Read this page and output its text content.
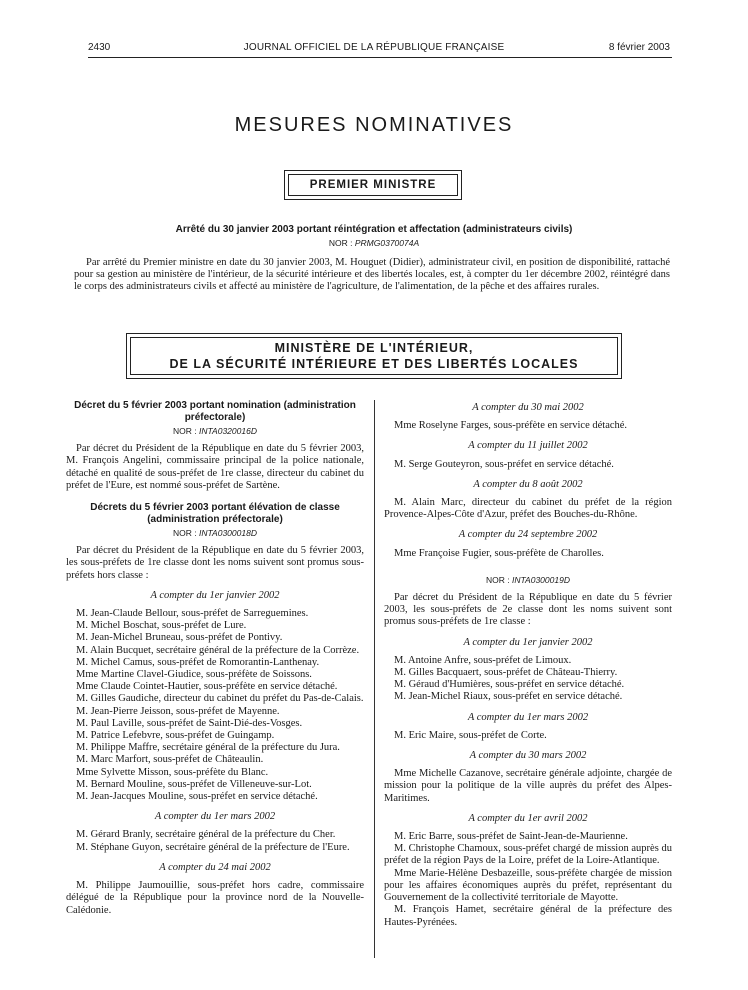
2430	JOURNAL OFFICIEL DE LA RÉPUBLIQUE FRANÇAISE	8 février 2003
MESURES NOMINATIVES
PREMIER MINISTRE
Arrêté du 30 janvier 2003 portant réintégration et affectation (administrateurs civils)
NOR : PRMG0370074A

Par arrêté du Premier ministre en date du 30 janvier 2003, M. Houguet (Didier), administrateur civil, en position de disponibilité, rattaché pour sa gestion au ministère de l'intérieur, de la sécurité intérieure et des libertés locales, est, à compter du 1er décembre 2002, réintégré dans le corps des administrateurs civils et affecté au ministère de l'agriculture, de l'alimentation, de la pêche et des affaires rurales.

MINISTÈRE DE L'INTÉRIEUR,
DE LA SÉCURITÉ INTÉRIEURE ET DES LIBERTÉS LOCALES

Décret du 5 février 2003 portant nomination (administration préfectorale)

NOR : INTA0320016D

Par décret du Président de la République en date du 5 février 2003, M. François Angelini, commissaire principal de la police nationale, détaché en qualité de sous-préfet de 1re classe, directeur du cabinet du préfet de l'Eure, est nommé sous-préfet de Sartène.

Décrets du 5 février 2003 portant élévation de classe (administration préfectorale)

NOR : INTA0300018D

Par décret du Président de la République en date du 5 février 2003, les sous-préfets de 1re classe dont les noms suivent sont promus sous-préfets hors classe :

A compter du 1er janvier 2002

M. Jean-Claude Bellour, sous-préfet de Sarreguemines.

M. Michel Boschat, sous-préfet de Lure.

M. Jean-Michel Bruneau, sous-préfet de Pontivy.

M. Alain Bucquet, secrétaire général de la préfecture de la Corrèze.

M. Michel Camus, sous-préfet de Romorantin-Lanthenay.

Mme Martine Clavel-Giudice, sous-préfète de Soissons.

Mme Claude Cointet-Hautier, sous-préfète en service détaché.

M. Gilles Gaudiche, directeur du cabinet du préfet du Pas-de-Calais.

M. Jean-Pierre Jeisson, sous-préfet de Mayenne.

M. Paul Laville, sous-préfet de Saint-Dié-des-Vosges.

M. Patrice Lefebvre, sous-préfet de Guingamp.

M. Philippe Maffre, secrétaire général de la préfecture du Jura.

M. Marc Marfort, sous-préfet de Châteaulin.

Mme Sylvette Misson, sous-préfète du Blanc.

M. Bernard Mouline, sous-préfet de Villeneuve-sur-Lot.

M. Jean-Jacques Mouline, sous-préfet en service détaché.

A compter du 1er mars 2002

M. Gérard Branly, secrétaire général de la préfecture du Cher.

M. Stéphane Guyon, secrétaire général de la préfecture de l'Eure.

A compter du 24 mai 2002

M. Philippe Jaumouillie, sous-préfet hors cadre, commissaire délégué de la République pour la province nord de la Nouvelle-Calédonie.

A compter du 30 mai 2002

Mme Roselyne Farges, sous-préfète en service détaché.

A compter du 11 juillet 2002

M. Serge Gouteyron, sous-préfet en service détaché.

A compter du 8 août 2002

M. Alain Marc, directeur du cabinet du préfet de la région Provence-Alpes-Côte d'Azur, préfet des Bouches-du-Rhône.

A compter du 24 septembre 2002

Mme Françoise Fugier, sous-préfète de Charolles.

NOR : INTA0300019D

Par décret du Président de la République en date du 5 février 2003, les sous-préfets de 2e classe dont les noms suivent sont promus sous-préfets de 1re classe :

A compter du 1er janvier 2002

M. Antoine Anfre, sous-préfet de Limoux.

M. Gilles Bacquaert, sous-préfet de Château-Thierry.

M. Géraud d'Humières, sous-préfet en service détaché.

M. Jean-Michel Riaux, sous-préfet en service détaché.

A compter du 1er mars 2002

M. Eric Maire, sous-préfet de Corte.

A compter du 30 mars 2002

Mme Michelle Cazanove, secrétaire générale adjointe, chargée de mission pour la politique de la ville auprès du préfet des Alpes-Maritimes.

A compter du 1er avril 2002

M. Eric Barre, sous-préfet de Saint-Jean-de-Maurienne.

M. Christophe Chamoux, sous-préfet chargé de mission auprès du préfet de la région Pays de la Loire, préfet de la Loire-Atlantique.

Mme Marie-Hélène Desbazeille, sous-préfète chargée de mission pour les affaires économiques auprès du préfet, représentant du Gouvernement de la collectivité territoriale de Mayotte.

M. François Hamet, secrétaire général de la préfecture des Hautes-Pyrénées.
